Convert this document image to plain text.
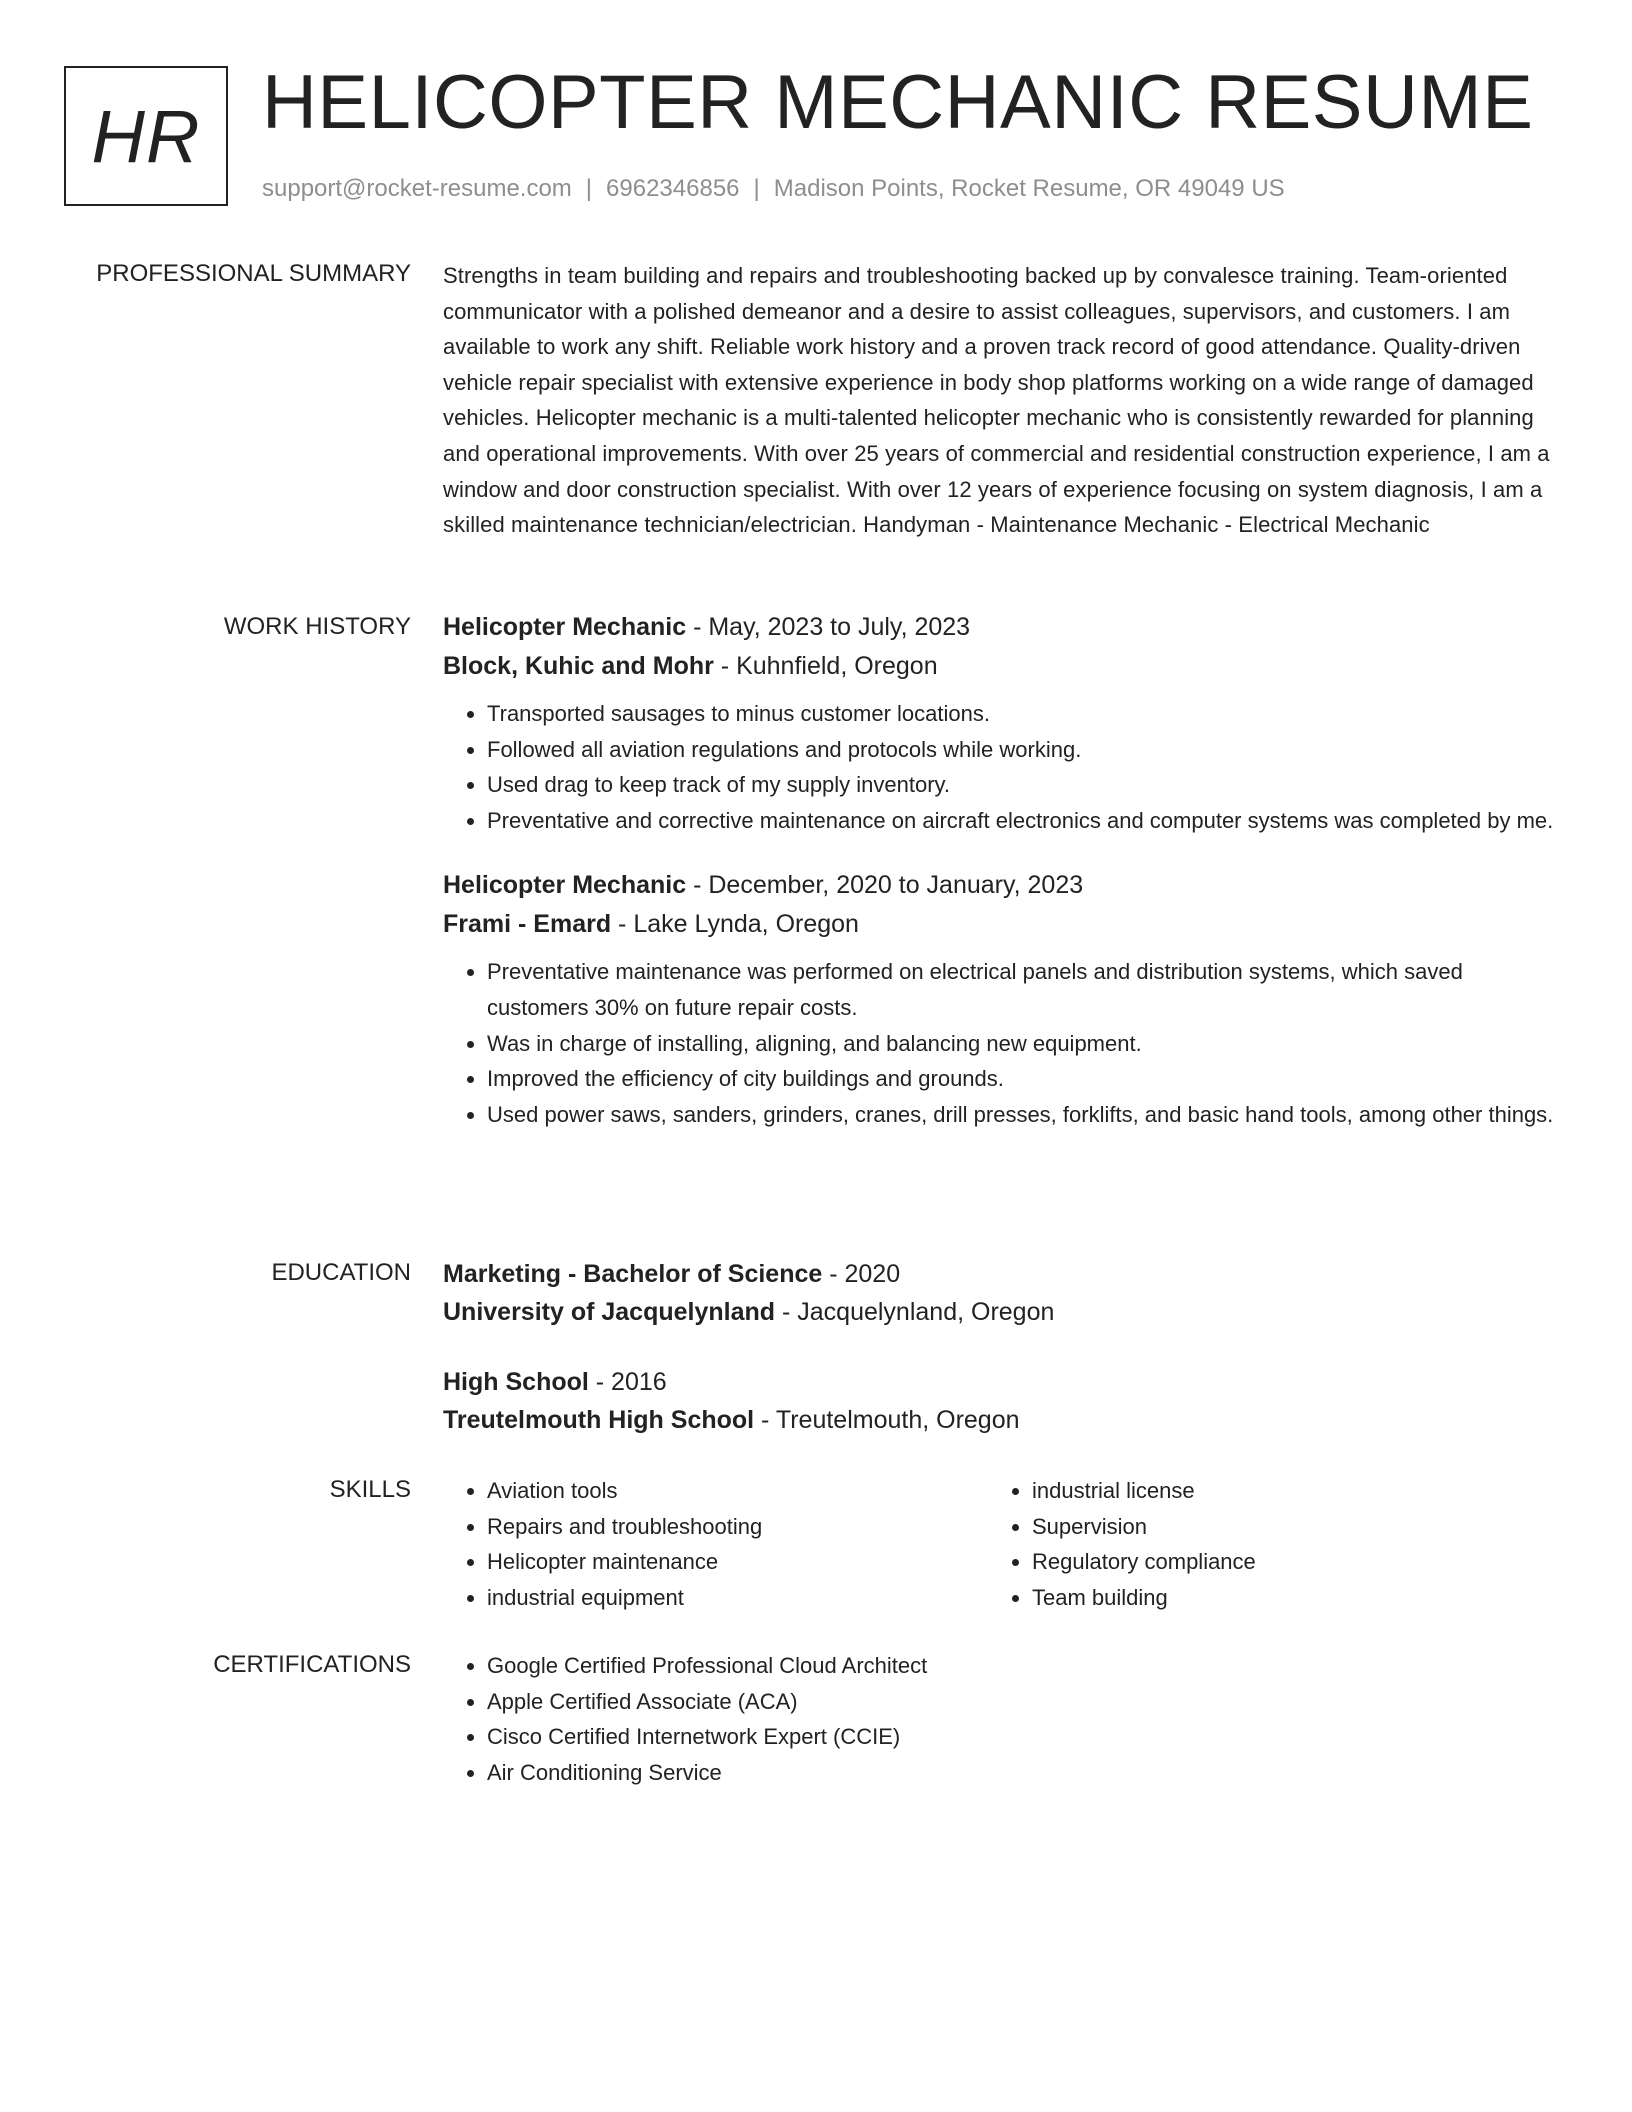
HR HELICOPTER MECHANIC RESUME
support@rocket-resume.com | 6962346856 | Madison Points, Rocket Resume, OR 49049 US
PROFESSIONAL SUMMARY Strengths in team building and repairs and troubleshooting backed up by convalesce training. Team-oriented communicator with a polished demeanor and a desire to assist colleagues, supervisors, and customers. I am available to work any shift. Reliable work history and a proven track record of good attendance. Quality-driven vehicle repair specialist with extensive experience in body shop platforms working on a wide range of damaged vehicles. Helicopter mechanic is a multi-talented helicopter mechanic who is consistently rewarded for planning and operational improvements. With over 25 years of commercial and residential construction experience, I am a window and door construction specialist. With over 12 years of experience focusing on system diagnosis, I am a skilled maintenance technician/electrician. Handyman - Maintenance Mechanic - Electrical Mechanic

WORK HISTORY Helicopter Mechanic - May, 2023 to July, 2023
Block, Kuhic and Mohr - Kuhnfield, Oregon
• Transported sausages to minus customer locations.
• Followed all aviation regulations and protocols while working.
• Used drag to keep track of my supply inventory.
• Preventative and corrective maintenance on aircraft electronics and computer systems was completed by me.
Helicopter Mechanic - December, 2020 to January, 2023
Frami - Emard - Lake Lynda, Oregon
• Preventative maintenance was performed on electrical panels and distribution systems, which saved customers 30% on future repair costs.
• Was in charge of installing, aligning, and balancing new equipment.
• Improved the efficiency of city buildings and grounds.
• Used power saws, sanders, grinders, cranes, drill presses, forklifts, and basic hand tools, among other things.
EDUCATION Marketing - Bachelor of Science - 2020
University of Jacquelynland - Jacquelynland, Oregon
High School - 2016
Treutelmouth High School - Treutelmouth, Oregon
SKILLS	• Aviation tools
• Repairs and troubleshooting
• Helicopter maintenance
• industrial equipment
• industrial license
• Supervision
• Regulatory compliance
• Team building
CERTIFICATIONS	• Google Certified Professional Cloud Architect
• Apple Certified Associate (ACA)
• Cisco Certified Internetwork Expert (CCIE)
• Air Conditioning Service
